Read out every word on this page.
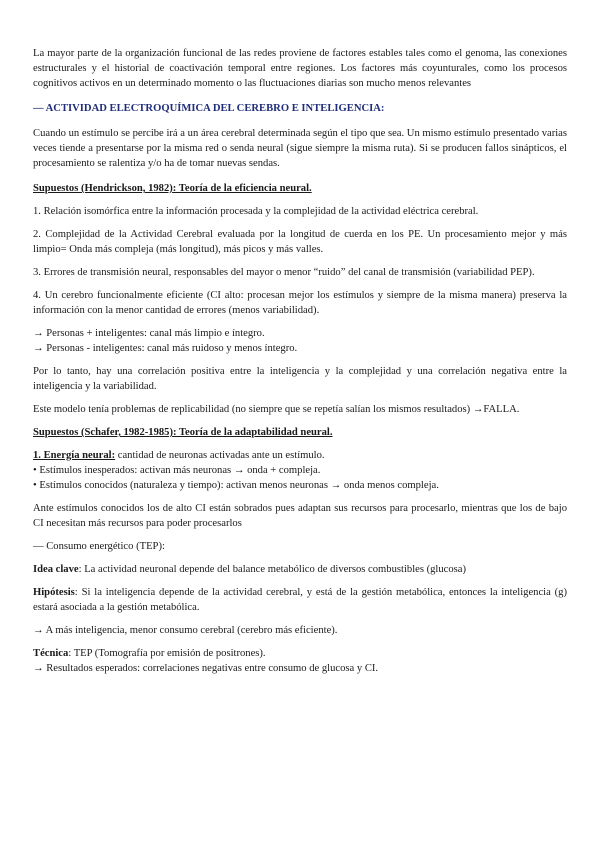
La mayor parte de la organización funcional de las redes proviene de factores estables tales como el genoma, las conexiones estructurales y el historial de coactivación temporal entre regiones. Los factores más coyunturales, como los procesos cognitivos activos en un determinado momento o las fluctuaciones diarias son mucho menos relevantes

— ACTIVIDAD ELECTROQUÍMICA DEL CEREBRO E INTELIGENCIA:

Cuando un estímulo se percibe irá a un área cerebral determinada según el tipo que sea. Un mismo estímulo presentado varias veces tiende a presentarse por la misma red o senda neural (sigue siempre la misma ruta). Si se producen fallos sinápticos, el procesamiento se ralentiza y/o ha de tomar nuevas sendas.

Supuestos (Hendrickson, 1982): Teoría de la eficiencia neural.

1. Relación isomórfica entre la información procesada y la complejidad de la actividad eléctrica cerebral.

2. Complejidad de la Actividad Cerebral evaluada por la longitud de cuerda en los PE. Un procesamiento mejor y más limpio= Onda más compleja (más longitud), más picos y más valles.

3. Errores de transmisión neural, responsables del mayor o menor “ruido” del canal de transmisión (variabilidad PEP).

4. Un cerebro funcionalmente eficiente (CI alto: procesan mejor los estímulos y siempre de la misma manera) preserva la información con la menor cantidad de errores (menos variabilidad).

→ Personas + inteligentes: canal más limpio e íntegro.

→ Personas - inteligentes: canal más ruidoso y menos íntegro.

Por lo tanto, hay una correlación positiva entre la inteligencia y la complejidad y una correlación negativa entre la inteligencia y la variabilidad.

Este modelo tenía problemas de replicabilidad (no siempre que se repetía salían los mismos resultados) →FALLA.

Supuestos (Schafer, 1982-1985): Teoría de la adaptabilidad neural.

1. Energía neural: cantidad de neuronas activadas ante un estímulo.

• Estímulos inesperados: activan más neuronas → onda + compleja.

• Estímulos conocidos (naturaleza y tiempo): activan menos neuronas → onda menos compleja.

Ante estímulos conocidos los de alto CI están sobrados pues adaptan sus recursos para procesarlo, mientras que los de bajo CI necesitan más recursos para poder procesarlos

— Consumo energético (TEP):

Idea clave: La actividad neuronal depende del balance metabólico de diversos combustibles (glucosa)

Hipótesis: Si la inteligencia depende de la actividad cerebral, y está de la gestión metabólica, entonces la inteligencia (g) estará asociada a la gestión metabólica.

→ A más inteligencia, menor consumo cerebral (cerebro más eficiente).

Técnica: TEP (Tomografía por emisión de positrones).

→ Resultados esperados: correlaciones negativas entre consumo de glucosa y CI.
